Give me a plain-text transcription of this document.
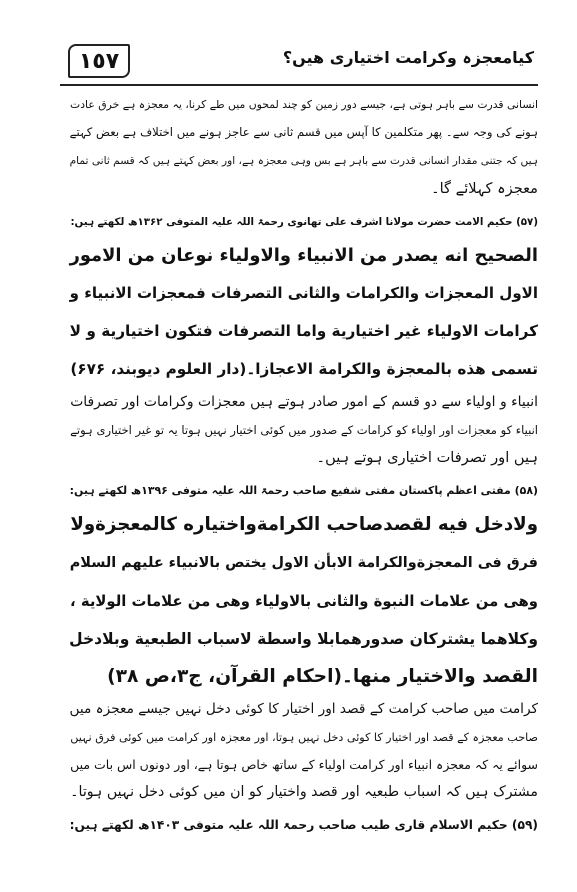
١٥٧	کیامعجزہ وکرامت اختیاری ھیں؟

انسانی قدرت سے باہر ہوتی ہے، جیسے دور زمین کو چند لمحوں میں طے کرنا، یہ معجزہ ہے خرق عادت
ہونے کی وجہ سے۔ پھر متکلمین کا آپس میں قسم ثانی سے عاجز ہونے میں اختلاف ہے بعض کہتے
ہیں کہ جتنی مقدار انسانی قدرت سے باہر ہے بس وہی معجزہ ہے، اور بعض کہتے ہیں کہ قسم ثانی تمام
معجزہ کہلائے گا۔

(۵۷) حکیم الامت حضرت مولانا اشرف علی تھانوی رحمۃ اللہ علیہ المتوفی ۱۳۶۲ھ لکھتے ہیں:

الصحیح انه یصدر من الانبیاء والاولیاء نوعان من الامور
الاول المعجزات والکرامات والثانی التصرفات فمعجزات الانبیاء و
کرامات الاولیاء غیر اختیاریة واما التصرفات فتکون اختیاریة و لا
تسمی هذه بالمعجزة والکرامة الاعجازا۔(دار العلوم دیوبند، ۶۷۶)

انبیاء و اولیاء سے دو قسم کے امور صادر ہوتے ہیں معجزات وکرامات اور تصرفات
انبیاء کو معجزات اور اولیاء کو کرامات کے صدور میں کوئی اختیار نہیں ہوتا یہ تو غیر اختیاری ہوتے
ہیں اور تصرفات اختیاری ہوتے ہیں۔

(۵۸) مفتی اعظم پاکستان مفتی شفیع صاحب رحمۃ اللہ علیہ متوفی ۱۳۹۶ھ لکھتے ہیں:

ولادخل فیه لقصدصاحب الکرامةواختیاره کالمعجزةولا
فرق فی المعجزةوالکرامة الابأن الاول یختص بالانبیاء علیهم السلام
وهی من علامات النبوة والثانی بالاولیاء وهی من علامات الولایة ،
وکلاهما یشترکان صدورهمابلا واسطة لاسباب الطبعیة وبلادخل
القصد والاختیار منها۔(احکام القرآن، ج۳،ص ۳۸)

کرامت میں صاحب کرامت کے قصد اور اختیار کا کوئی دخل نہیں جیسے معجزہ میں
صاحب معجزہ کے قصد اور اختیار کا کوئی دخل نہیں ہوتا، اور معجزہ اور کرامت میں کوئی فرق نہیں
سوائے یہ کہ معجزہ انبیاء اور کرامت اولیاء کے ساتھ خاص ہوتا ہے، اور دونوں اس بات میں
مشترک ہیں کہ اسباب طبعیہ اور قصد واختیار کو ان میں کوئی دخل نہیں ہوتا۔

(۵۹) حکیم الاسلام قاری طیب صاحب رحمۃ اللہ علیہ متوفی ۱۴۰۳ھ لکھتے ہیں:
